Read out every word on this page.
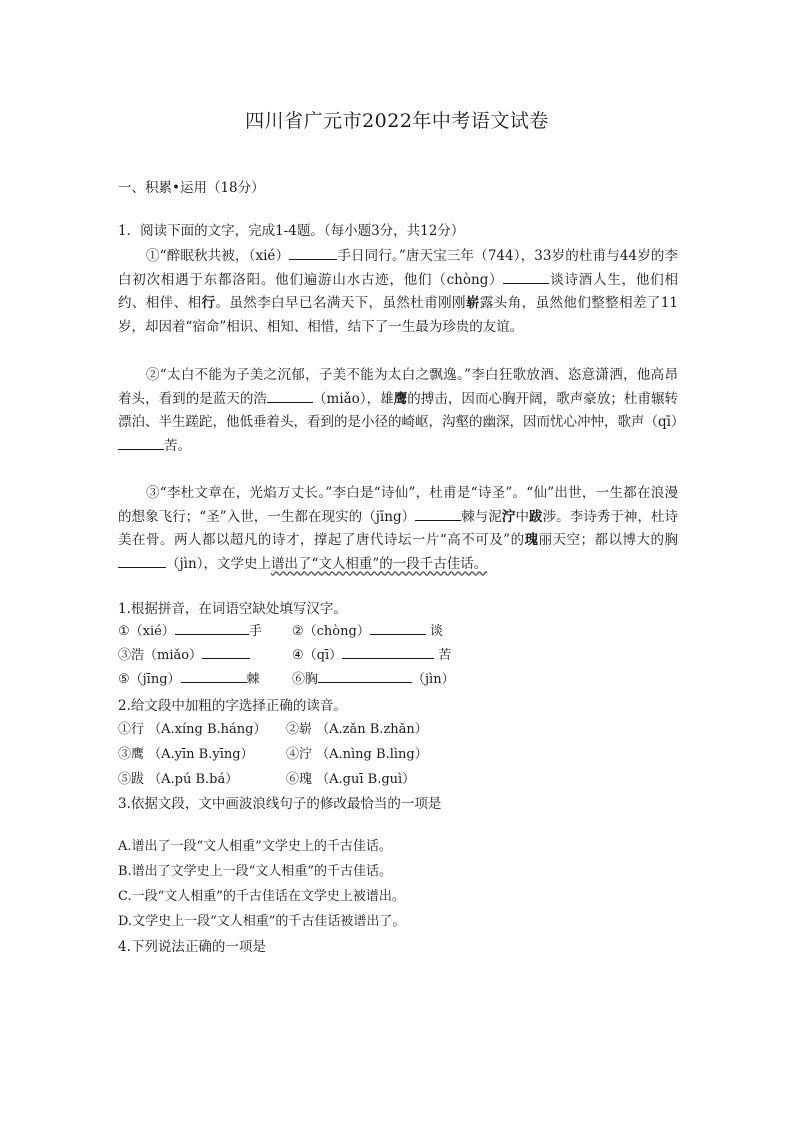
四川省广元市2022年中考语文试卷
一、积累•运用（18分）
1．阅读下面的文字，完成1-4题。（每小题3分，共12分）
①“醉眠秋共被，（xié）	手日同行。”唐天宝三年（744），33岁的杜甫与44岁的李白初次相遇于东都洛阳。他们遍游山水古迹，他们（chòng）	谈诗酒人生，他们相约、相伴、相行。虽然李白早已名满天下，虽然杜甫刚刚崭露头角，虽然他们整整相差了11岁，却因着“宿命”相识、相知、相惜，结下了一生最为珍贵的友谊。
②“太白不能为子美之沉郁，子美不能为太白之飘逸。”李白狂歌放酒、恣意潇洒，他高昂着头，看到的是蓝天的浩	（miǎo），雄鹰的搏击，因而心胸开阔，歌声豪放；杜甫辗转漂泊、半生蹉跎，他低垂着头，看到的是小径的崎岖，沟壑的幽深，因而忧心冲忡，歌声（qī）苦。
③“李杜文章在，光焰万丈长。”李白是“诗仙”，杜甫是“诗圣”。“仙”出世，一生都在浪漫的想象飞行；“圣”入世，一生都在现实的（jīng）	棘与泥泞中跋涉。李诗秀于神，杜诗美在骨。两人都以超凡的诗才，撑起了唐代诗坛一片“高不可及”的瑰丽天空；都以博大的胸（jìn），文学史上谱出了“文人相重”的一段千古佳话。
1.根据拼音，在词语空缺处填写汉字。
①（xié）	手 ②（chòng）	谈
③浩（miǎo）	④（qī）	苦
⑤（jīng）	棘 ⑥胸	（jìn）
2.给文段中加粗的字选择正确的读音。
①行 （A.xíng B.háng） ②崭 （A.zǎn B.zhǎn）
③鹰 （A.yīn B.yīng） ④泞 （A.nìng B.lìng）
⑤跋 （A.pú B.bá）	⑥瑰 （A.guī B.guì）
3.依据文段，文中画波浪线句子的修改最恰当的一项是
A.谱出了一段“文人相重”文学史上的千古佳话。
B.谱出了文学史上一段“文人相重”的千古佳话。
C.一段“文人相重”的千古佳话在文学史上被谱出。
D.文学史上一段“文人相重”的千古佳话被谱出了。
4.下列说法正确的一项是
